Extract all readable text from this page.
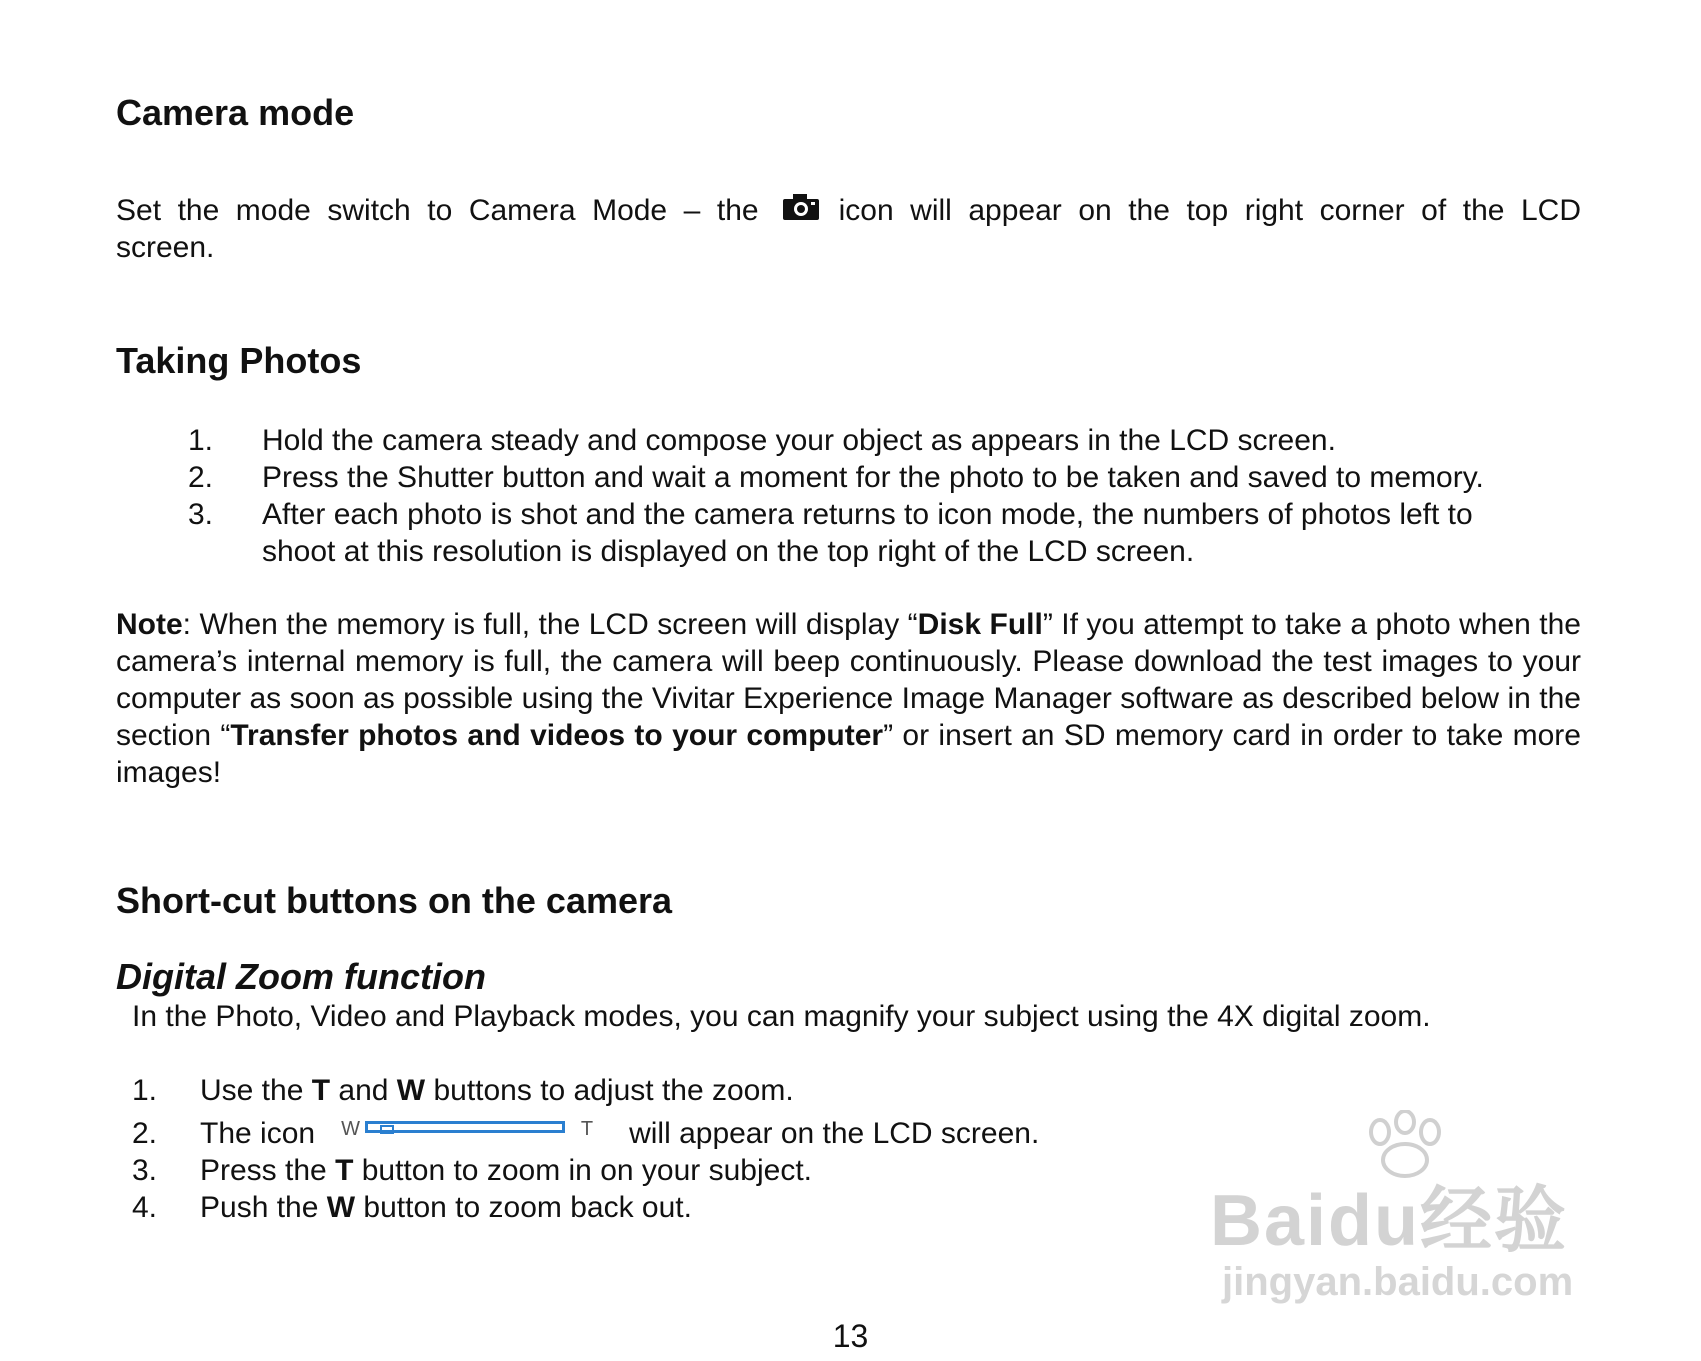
Camera mode
Set the mode switch to Camera Mode – the	icon will appear on the top right corner of the LCD
screen.
Taking Photos
1. Hold the camera steady and compose your object as appears in the LCD screen.
2. Press the Shutter button and wait a moment for the photo to be taken and saved to memory.
3. After each photo is shot and the camera returns to icon mode, the numbers of photos left to
shoot at this resolution is displayed on the top right of the LCD screen.
Note: When the memory is full, the LCD screen will display “Disk Full” If you attempt to take a photo when the camera’s internal memory is full, the camera will beep continuously. Please download the test images to your computer as soon as possible using the Vivitar Experience Image Manager software as described below in the section “Transfer photos and videos to your computer” or insert an SD memory card in order to take more images!
Short-cut buttons on the camera
Digital Zoom function
In the Photo, Video and Playback modes, you can magnify your subject using the 4X digital zoom.
1. Use the T and W buttons to adjust the zoom.
2. The icon W	T will appear on the LCD screen.
3. Press the T button to zoom in on your subject.
4. Push the W button to zoom back out.	Baidu经验
jingyan.baidu.com
13
